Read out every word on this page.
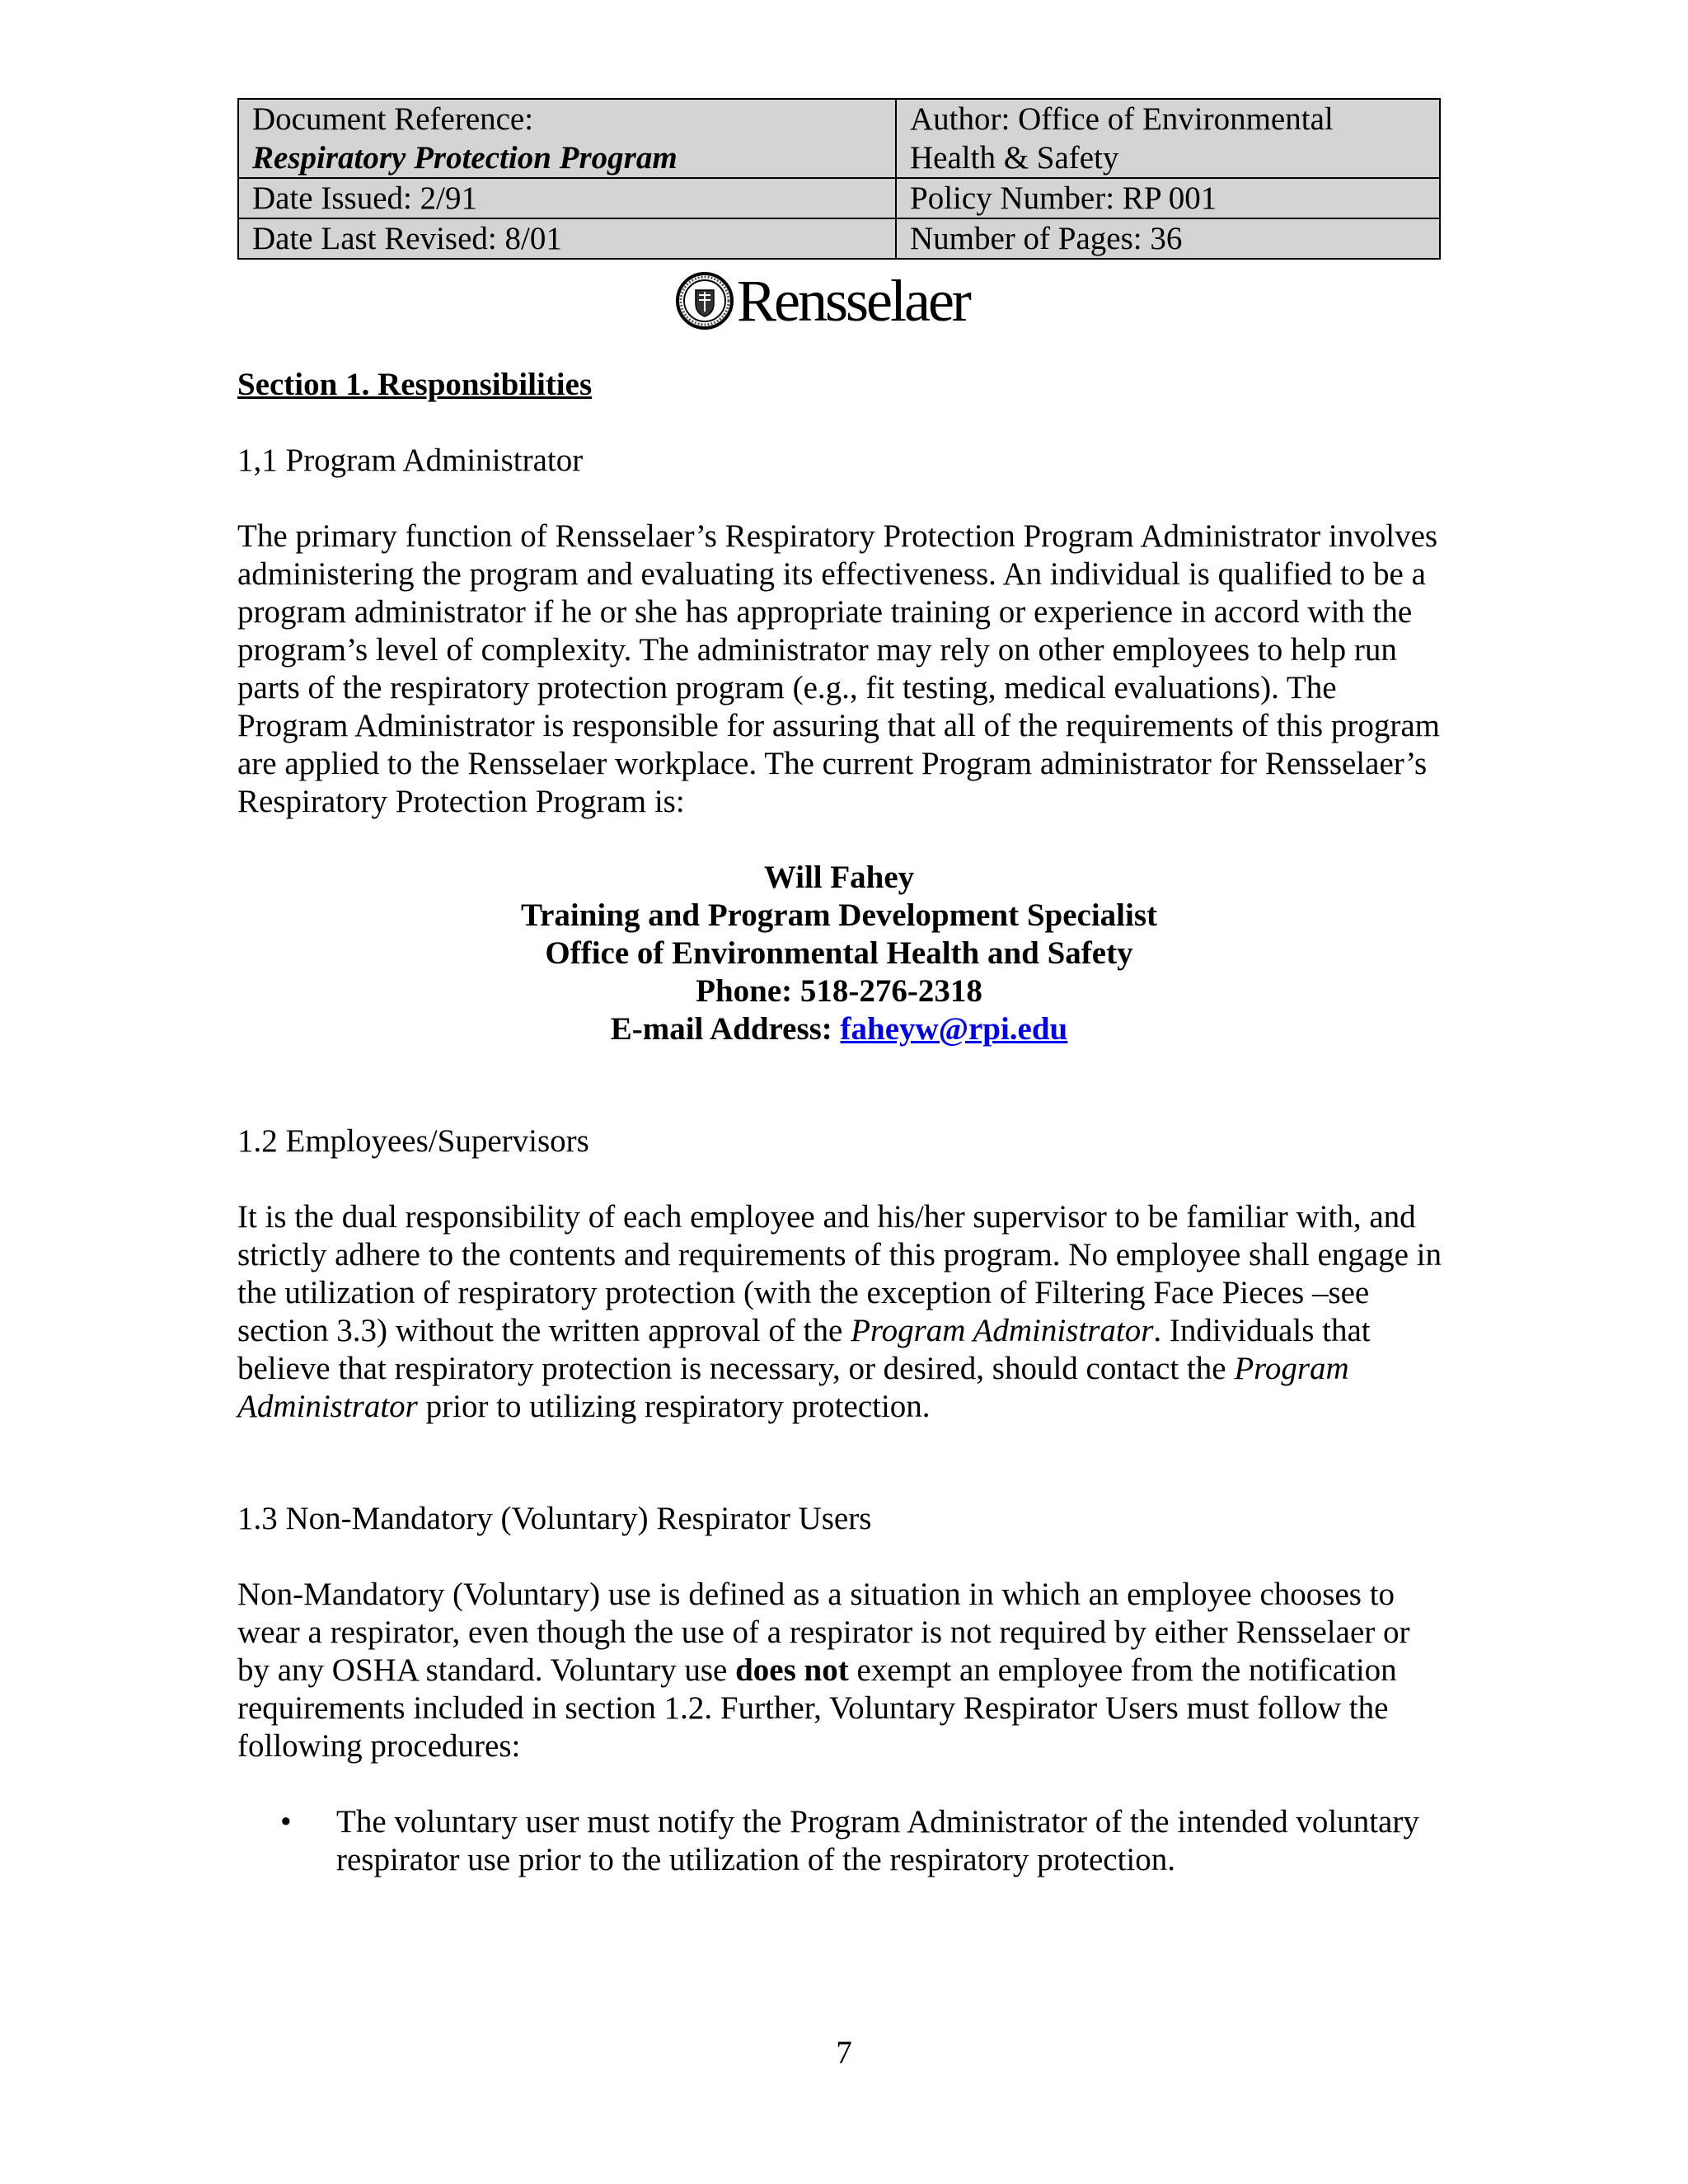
Document Reference:
Respiratory Protection Program	Author: Office of Environmental Health & Safety
Date Issued: 2/91	Policy Number: RP 001
Date Last Revised: 8/01	Number of Pages: 36
Rensselaer
Section 1. Responsibilities
1,1 Program Administrator
The primary function of Rensselaer’s Respiratory Protection Program Administrator involves administering the program and evaluating its effectiveness. An individual is qualified to be a program administrator if he or she has appropriate training or experience in accord with the program’s level of complexity. The administrator may rely on other employees to help run parts of the respiratory protection program (e.g., fit testing, medical evaluations). The Program Administrator is responsible for assuring that all of the requirements of this program are applied to the Rensselaer workplace. The current Program administrator for Rensselaer’s Respiratory Protection Program is:
Will Fahey
Training and Program Development Specialist
Office of Environmental Health and Safety
Phone: 518-276-2318
E-mail Address: faheyw@rpi.edu
1.2 Employees/Supervisors
It is the dual responsibility of each employee and his/her supervisor to be familiar with, and strictly adhere to the contents and requirements of this program. No employee shall engage in the utilization of respiratory protection (with the exception of Filtering Face Pieces –see section 3.3) without the written approval of the Program Administrator. Individuals that believe that respiratory protection is necessary, or desired, should contact the Program Administrator prior to utilizing respiratory protection.
1.3 Non-Mandatory (Voluntary) Respirator Users
Non-Mandatory (Voluntary) use is defined as a situation in which an employee chooses to wear a respirator, even though the use of a respirator is not required by either Rensselaer or by any OSHA standard. Voluntary use does not exempt an employee from the notification requirements included in section 1.2. Further, Voluntary Respirator Users must follow the following procedures:
• The voluntary user must notify the Program Administrator of the intended voluntary respirator use prior to the utilization of the respiratory protection.
7
